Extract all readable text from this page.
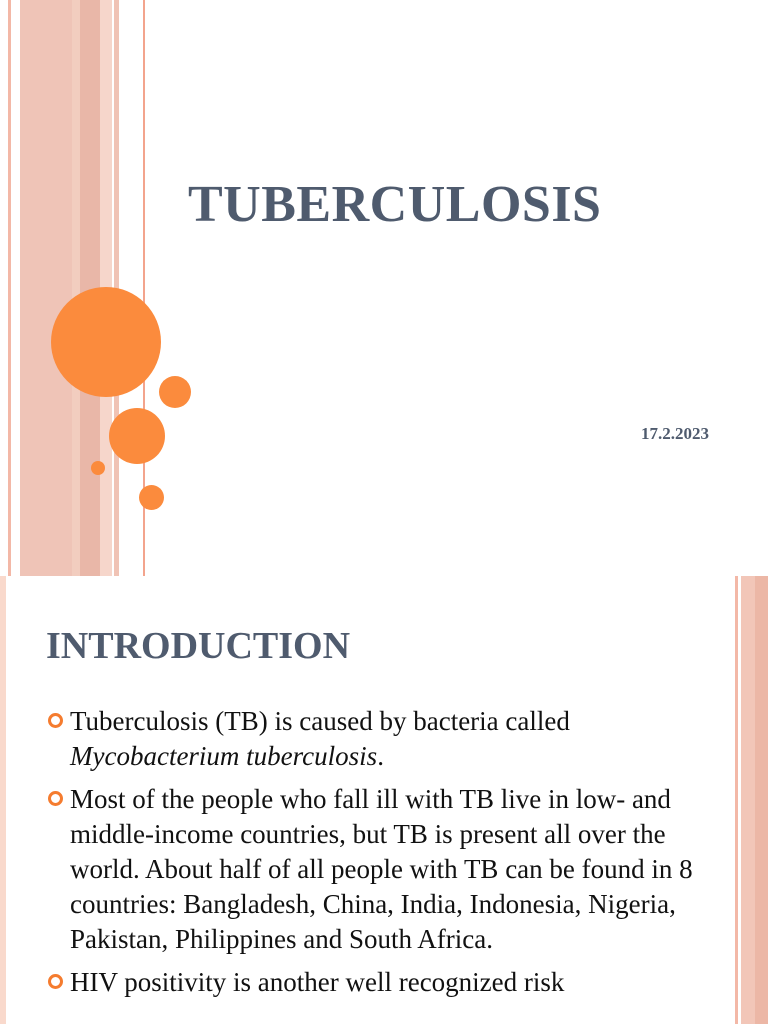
TUBERCULOSIS
17.2.2023
INTRODUCTION
Tuberculosis (TB) is caused by bacteria called Mycobacterium tuberculosis.
Most of the people who fall ill with TB live in low- and middle-income countries, but TB is present all over the world. About half of all people with TB can be found in 8 countries: Bangladesh, China, India, Indonesia, Nigeria, Pakistan, Philippines and South Africa.
HIV positivity is another well recognized risk
